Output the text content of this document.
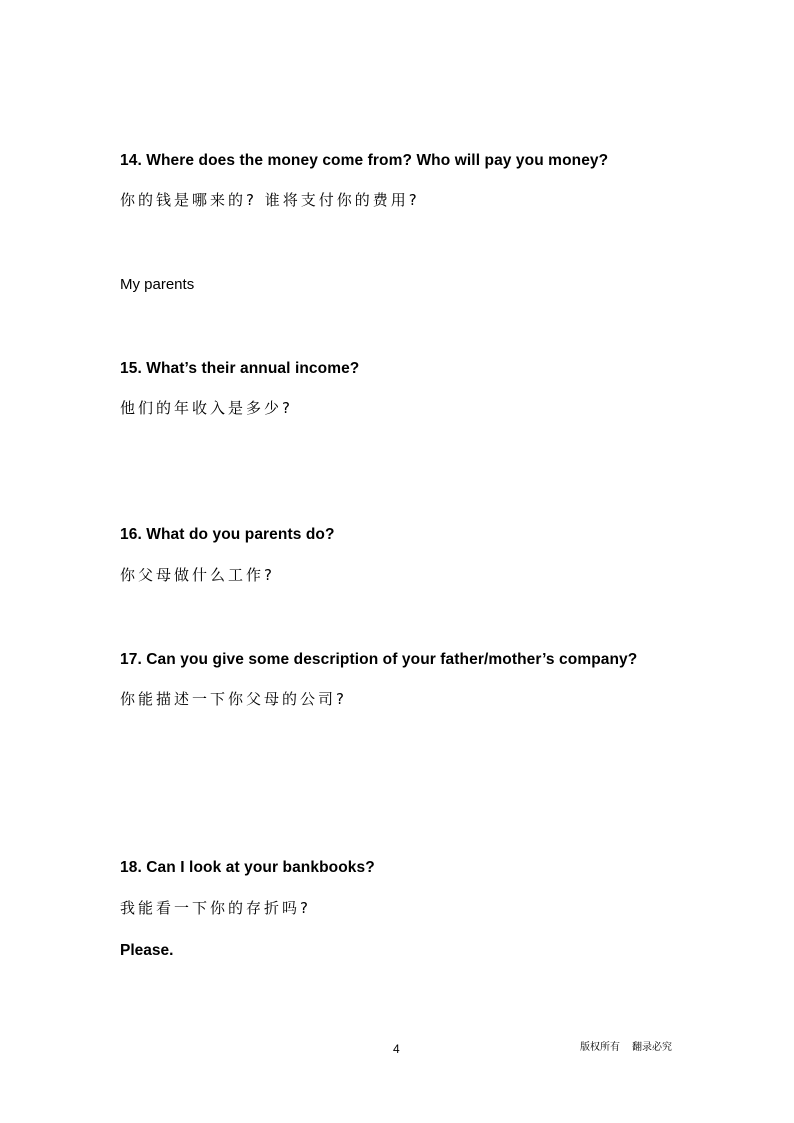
14. Where does the money come from? Who will pay you money?
你的钱是哪来的? 谁将支付你的费用?
My parents
15. What’s their annual income?
他们的年收入是多少?
16. What do you parents do?
你父母做什么工作?
17. Can you give some description of your father/mother’s company?
你能描述一下你父母的公司?
18. Can I look at your bankbooks?
我能看一下你的存折吗?
Please.
4	版权所有 翻录必究
